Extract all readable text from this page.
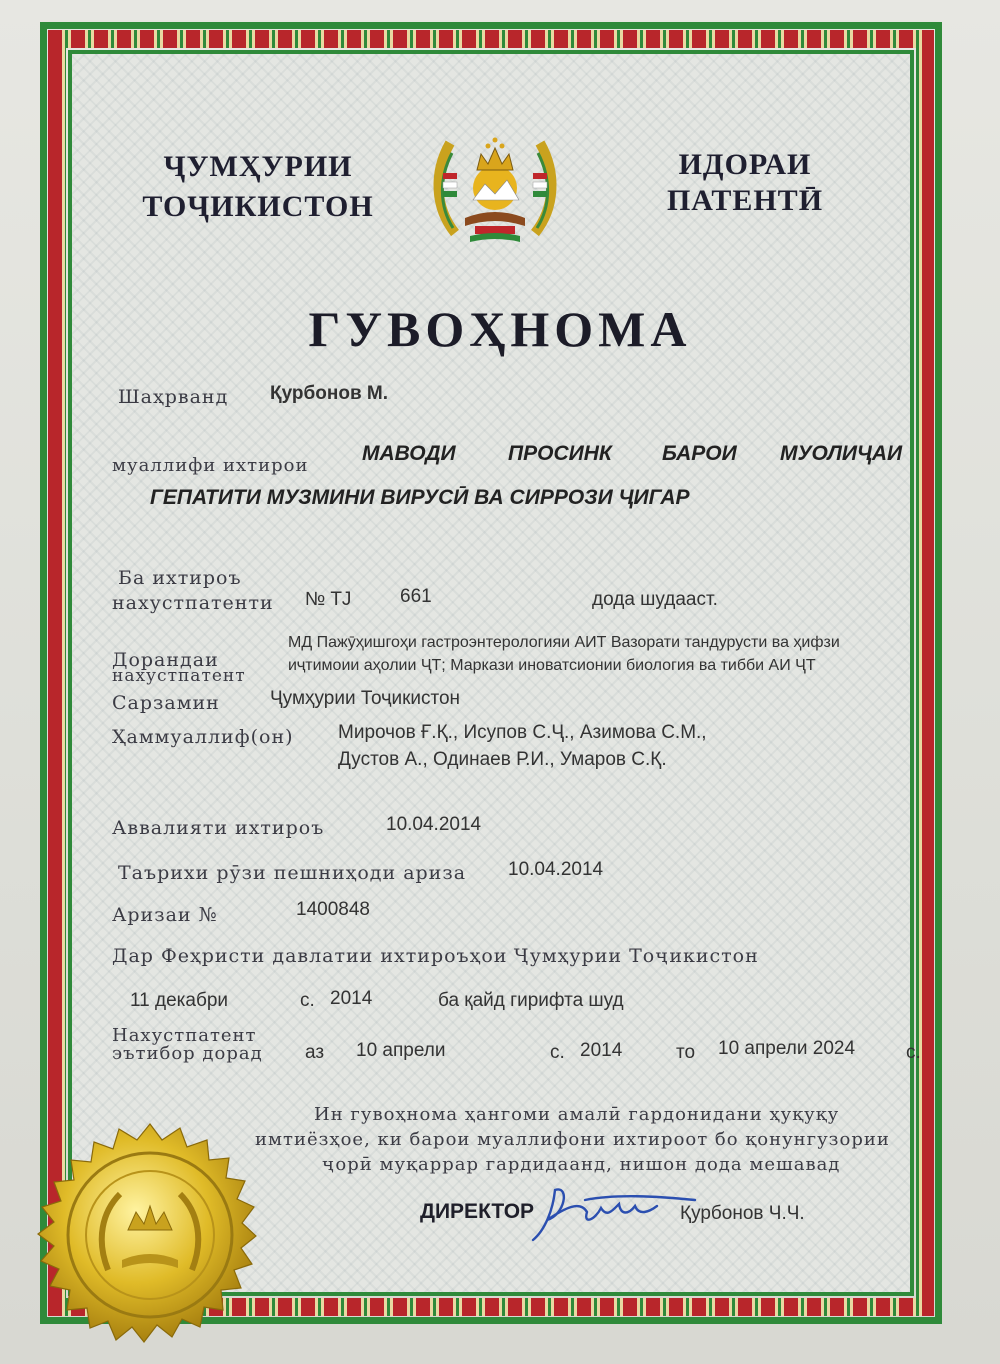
ҶУМҲУРИИ
ТОҶИКИСТОН
ИДОРАИ
ПАТЕНТӢ
ГУВОҲНОМА
Шаҳрванд Қурбонов М.
муаллифи ихтирои
МАВОДИ ПРОСИНК БАРОИ МУОЛИҶАИ
ГЕПАТИТИ МУЗМИНИ ВИРУСӢ ВА СИРРОЗИ ҶИГАР
Ба ихтироъ
нахустпатенти № TJ	661	дода шудааст.
Дорандаи
нахустпатент
МД Пажӯҳишгоҳи гастроэнтерологияи АИТ Вазорати тандурусти ва ҳифзи
иҷтимоии аҳолии ҶТ; Маркази иноватсионии биология ва тибби АИ ҶТ
Сарзамин	Ҷумҳурии Тоҷикистон
Ҳаммуаллиф(он) Мирочов Ғ.Қ., Исупов С.Ҷ., Азимова С.М.,
Дустов А., Одинаев Р.И., Умаров С.Қ.
Аввалияти ихтироъ	10.04.2014
Таърихи рӯзи пешниҳоди ариза 10.04.2014
Аризаи №	1400848
Дар Феҳристи давлатии ихтироъҳои Ҷумҳурии Тоҷикистон
11 декабри	с. 2014	ба қайд гирифта шуд
Нахустпатент
эътибор дорад аз 10 апрели	с. 2014	то 10 апрели 2024	с.
Ин гувоҳнома ҳангоми амалӣ гардонидани ҳуқуқу
имтиёзҳое, ки барои муаллифони ихтироот бо қонунгузории
ҷорӣ муқаррар гардидаанд, нишон дода мешавад
ДИРЕКТОР	Қурбонов Ч.Ч.
